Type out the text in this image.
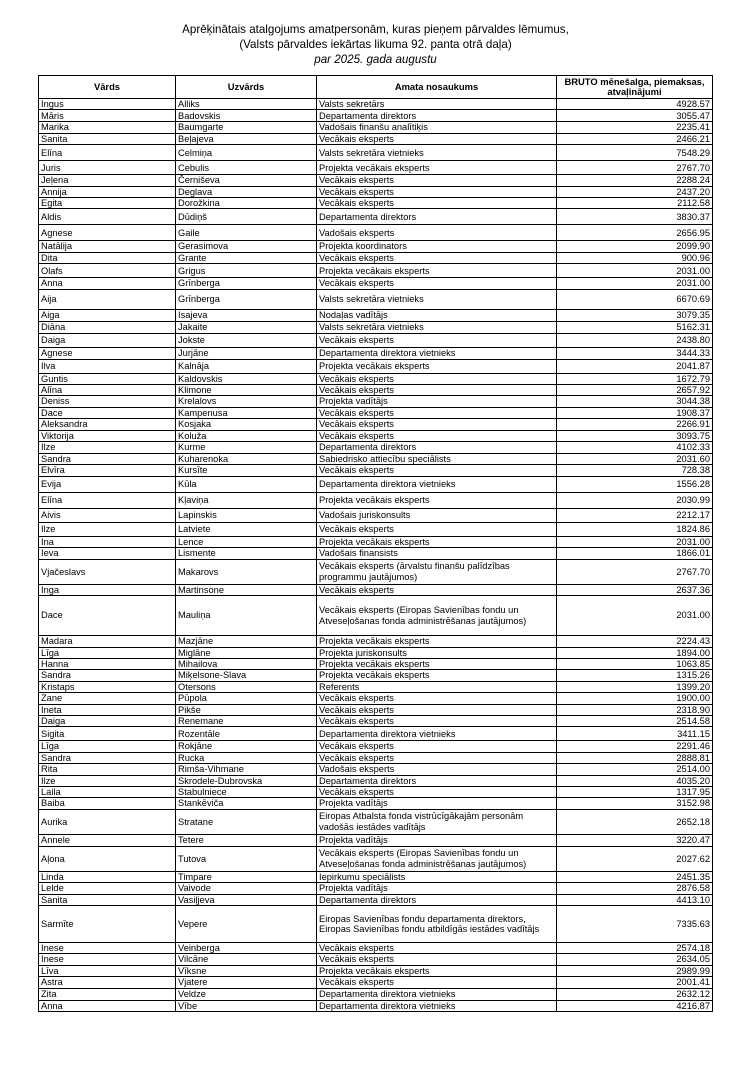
Aprēķinātais atalgojums amatpersonām, kuras pieņem pārvaldes lēmumus,
(Valsts pārvaldes iekārtas likuma 92. panta otrā daļa)
par 2025. gada augustu
Vārds	Uzvārds	Amata nosaukums	BRUTO mēnešalga, piemaksas, atvaļinājumi
Ingus	Alliks	Valsts sekretārs	4928.57
Māris	Badovskis	Departamenta direktors	3055.47
Marika	Baumgarte	Vadošais finanšu analītiķis	2235.41
Sanita	Beļajeva	Vecākais eksperts	2466.21
Elīna	Celmiņa	Valsts sekretāra vietnieks	7548.29
Juris	Cebulis	Projekta vecākais eksperts	2767.70
Jeļena	Černiševa	Vecākais eksperts	2288.24
Annija	Deglava	Vecākais eksperts	2437.20
Egita	Dorožkina	Vecākais eksperts	2112.58
Aldis	Dūdiņš	Departamenta direktors	3830.37
Agnese	Gaile	Vadošais eksperts	2656.95
Natālija	Gerasimova	Projekta koordinators	2099.90
Dita	Grante	Vecākais eksperts	900.96
Olafs	Grigus	Projekta vecākais eksperts	2031.00
Anna	Grīnberga	Vecākais eksperts	2031.00
Aija	Grīnberga	Valsts sekretāra vietnieks	6670.69
Aiga	Isajeva	Nodaļas vadītājs	3079.35
Diāna	Jakaite	Valsts sekretāra vietnieks	5162.31
Daiga	Jokste	Vecākais eksperts	2438.80
Agnese	Jurjāne	Departamenta direktora vietnieks	3444.33
Ilva	Kalnāja	Projekta vecākais eksperts	2041.87
Guntis	Kaldovskis	Vecākais eksperts	1672.79
Alīna	Klimone	Vecākais eksperts	2657.92
Deniss	Krelalovs	Projekta vadītājs	3044.38
Dace	Kampenusa	Vecākais eksperts	1908.37
Aleksandra	Kosjaka	Vecākais eksperts	2266.91
Viktorija	Koluža	Vecākais eksperts	3093.75
Ilze	Kurme	Departamenta direktors	4102.33
Sandra	Kuharenoka	Sabiedrisko attiecību speciālists	2031.60
Elvīra	Kursīte	Vecākais eksperts	728.38
Evija	Kūla	Departamenta direktora vietnieks	1556.28
Elīna	Kļaviņa	Projekta vecākais eksperts	2030.99
Aivis	Lapinskis	Vadošais juriskonsults	2212.17
Ilze	Latviete	Vecākais eksperts	1824.86
Ina	Lence	Projekta vecākais eksperts	2031.00
Ieva	Lismente	Vadošais finansists	1866.01
Vjačeslavs	Makarovs	Vecākais eksperts (ārvalstu finanšu palīdzības programmu jautājumos)	2767.70
Inga	Martinsone	Vecākais eksperts	2637.36
Dace	Mauliņa	Vecākais eksperts (Eiropas Savienības fondu un Atveseļošanas fonda administrēšanas jautājumos)	2031.00
Madara	Mazjāne	Projekta vecākais eksperts	2224.43
Līga	Miglāne	Projekta juriskonsults	1894.00
Hanna	Mihailova	Projekta vecākais eksperts	1063.85
Sandra	Miķelsone-Slava	Projekta vecākais eksperts	1315.26
Kristaps	Otersons	Referents	1399.20
Zane	Pūpola	Vecākais eksperts	1900.00
Ineta	Pikše	Vecākais eksperts	2318.90
Daiga	Renemane	Vecākais eksperts	2514.58
Sigita	Rozentāle	Departamenta direktora vietnieks	3411.15
Līga	Rokjāne	Vecākais eksperts	2291.46
Sandra	Rucka	Vecākais eksperts	2888.81
Rita	Rimša-Vihmane	Vadošais eksperts	2514.00
Ilze	Skrodele-Dubrovska	Departamenta direktors	4035.20
Laila	Stabulniece	Vecākais eksperts	1317.95
Baiba	Stankēviča	Projekta vadītājs	3152.98
Aurika	Stratane	Eiropas Atbalsta fonda vistrūcīgākajām personām vadošās iestādes vadītājs	2652.18
Annele	Tetere	Projekta vadītājs	3220.47
Aļona	Tutova	Vecākais eksperts (Eiropas Savienības fondu un Atveseļošanas fonda administrēšanas jautājumos)	2027.62
Linda	Timpare	Iepirkumu speciālists	2451.35
Lelde	Vaivode	Projekta vadītājs	2876.58
Sanita	Vasiļjeva	Departamenta direktors	4413.10
Sarmīte	Vepere	Eiropas Savienības fondu departamenta direktors, Eiropas Savienības fondu atbildīgās iestādes vadītājs	7335.63
Inese	Veinberga	Vecākais eksperts	2574.18
Inese	Vilcāne	Vecākais eksperts	2634.05
Līva	Vīksne	Projekta vecākais eksperts	2989.99
Astra	Vjatere	Vecākais eksperts	2001.41
Zita	Veldze	Departamenta direktora vietnieks	2632.12
Anna	Vībe	Departamenta direktora vietnieks	4216.87
